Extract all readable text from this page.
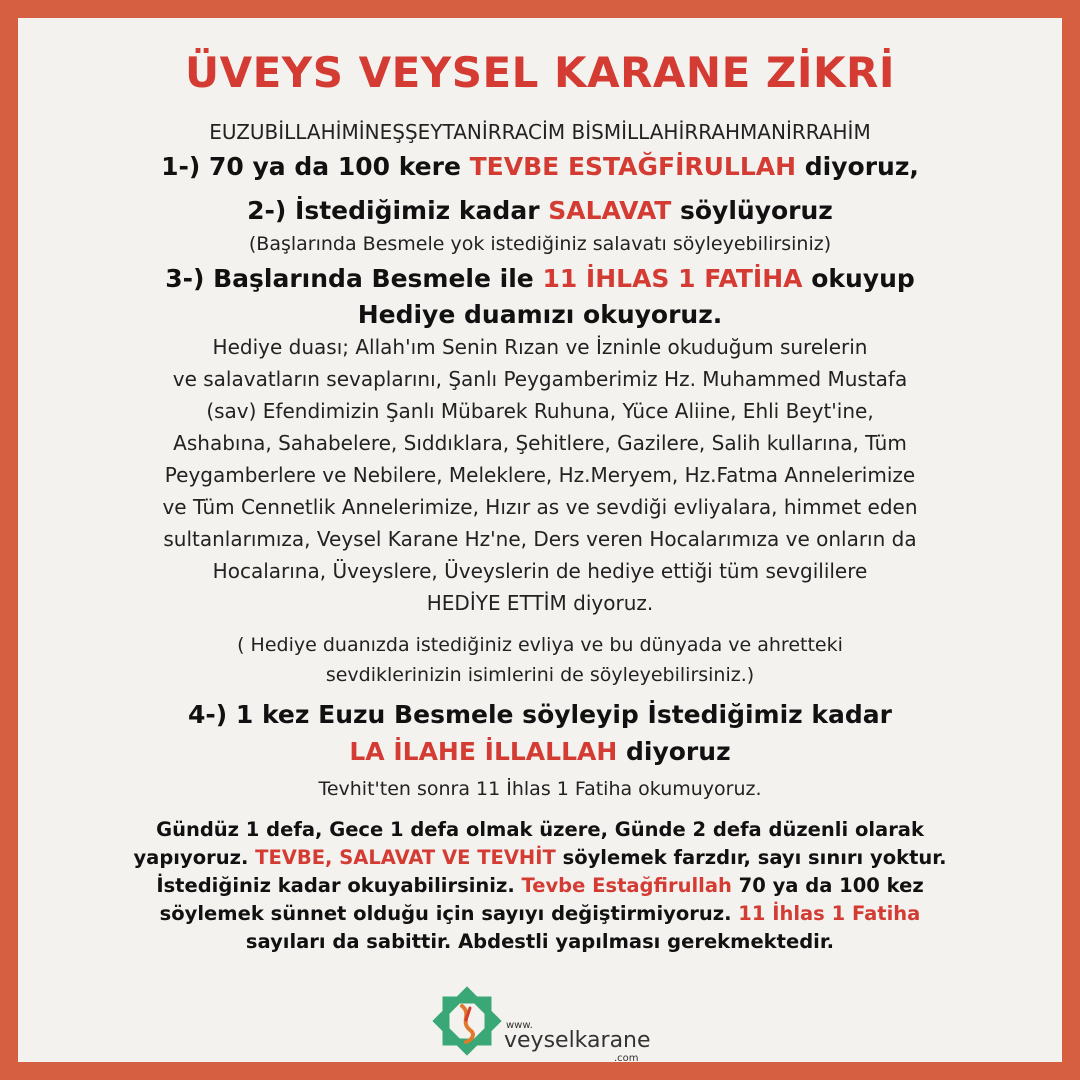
ÜVEYS VEYSEL KARANE ZİKRİ
EUZUBİLLAHİMİNEŞŞEYTANİRRACİM BİSMİLLAHİRRAHMANİRRAHİM
1-) 70 ya da 100 kere TEVBE ESTAĞFİRULLAH diyoruz,
2-) İstediğimiz kadar SALAVAT söylüyoruz
(Başlarında Besmele yok istediğiniz salavatı söyleyebilirsiniz)
3-) Başlarında Besmele ile 11 İHLAS 1 FATİHA okuyup
Hediye duamızı okuyoruz.
Hediye duası; Allah'ım Senin Rızan ve İzninle okuduğum surelerin
ve salavatların sevaplarını, Şanlı Peygamberimiz Hz. Muhammed Mustafa
(sav) Efendimizin Şanlı Mübarek Ruhuna, Yüce Aliine, Ehli Beyt'ine,
Ashabına, Sahabelere, Sıddıklara, Şehitlere, Gazilere, Salih kullarına, Tüm
Peygamberlere ve Nebilere, Meleklere, Hz.Meryem, Hz.Fatma Annelerimize
ve Tüm Cennetlik Annelerimize, Hızır as ve sevdiği evliyalara, himmet eden
sultanlarımıza, Veysel Karane Hz'ne, Ders veren Hocalarımıza ve onların da
Hocalarına, Üveyslere, Üveyslerin de hediye ettiği tüm sevgililere
HEDİYE ETTİM diyoruz.
( Hediye duanızda istediğiniz evliya ve bu dünyada ve ahretteki
sevdiklerinizin isimlerini de söyleyebilirsiniz.)
4-) 1 kez Euzu Besmele söyleyip İstediğimiz kadar
LA İLAHE İLLALLAH diyoruz
Tevhit'ten sonra 11 İhlas 1 Fatiha okumuyoruz.
Gündüz 1 defa, Gece 1 defa olmak üzere, Günde 2 defa düzenli olarak
yapıyoruz. TEVBE, SALAVAT VE TEVHİT söylemek farzdır, sayı sınırı yoktur.
İstediğiniz kadar okuyabilirsiniz. Tevbe Estağfirullah 70 ya da 100 kez
söylemek sünnet olduğu için sayıyı değiştirmiyoruz. 11 İhlas 1 Fatiha
sayıları da sabittir. Abdestli yapılması gerekmektedir.
www.
veyselkarane
.com
